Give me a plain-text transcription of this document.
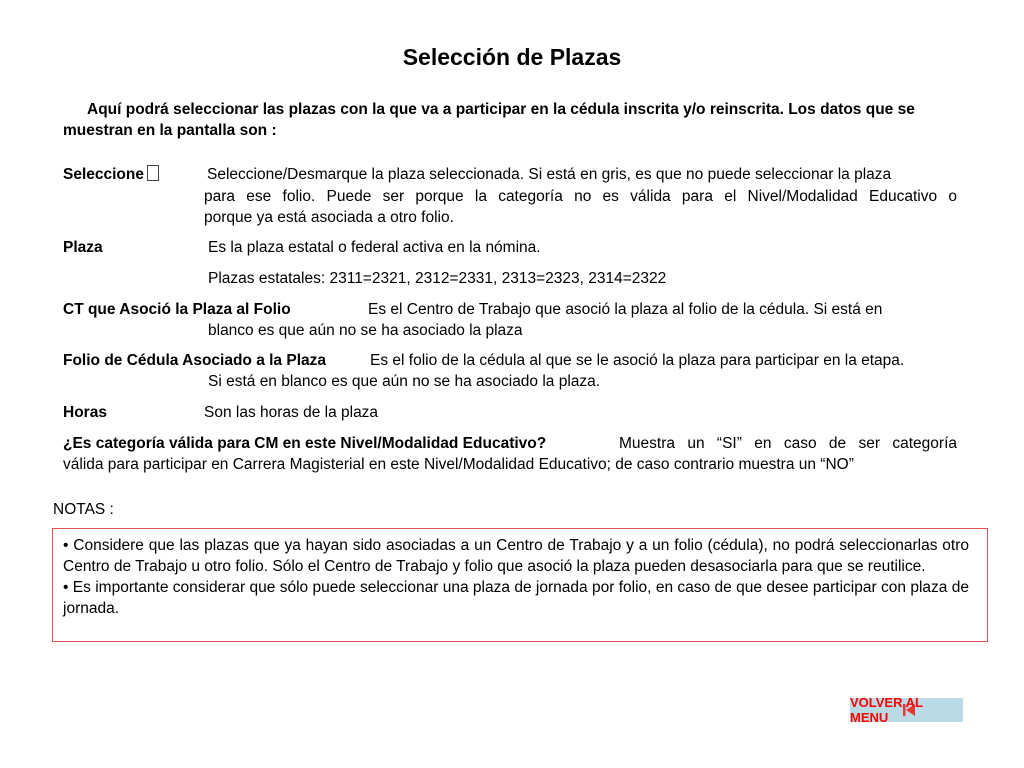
Selección de Plazas
Aquí podrá seleccionar las plazas con la que va a participar en la cédula inscrita y/o reinscrita. Los datos que se muestran en la pantalla son :
Seleccione	Seleccione/Desmarque la plaza seleccionada. Si está en gris, es que no puede seleccionar la plaza
para ese folio. Puede ser porque la categoría no es válida para el Nivel/Modalidad Educativo o
porque ya está asociada a otro folio.
Plaza	Es la plaza estatal o federal activa en la nómina.
Plazas estatales: 2311=2321, 2312=2331, 2313=2323, 2314=2322
CT que Asoció la Plaza al Folio	Es el Centro de Trabajo que asoció la plaza al folio de la cédula. Si está en
blanco es que aún no se ha asociado la plaza
Folio de Cédula Asociado a la Plaza	Es el folio de la cédula al que se le asoció la plaza para participar en la etapa.
Si está en blanco es que aún no se ha asociado la plaza.
Horas	Son las horas de la plaza
¿Es categoría válida para CM en este Nivel/Modalidad Educativo?	Muestra un “SI” en caso de ser categoría
válida para participar en Carrera Magisterial en este Nivel/Modalidad Educativo; de caso contrario muestra un “NO”
NOTAS :
• Considere que las plazas que ya hayan sido asociadas a un Centro de Trabajo y a un folio (cédula), no podrá seleccionarlas otro Centro de Trabajo u otro folio. Sólo el Centro de Trabajo y folio que asoció la plaza pueden desasociarla para que se reutilice.
• Es importante considerar que sólo puede seleccionar una plaza de jornada por folio, en caso de que desee participar con plaza de jornada.
VOLVER AL MENU
